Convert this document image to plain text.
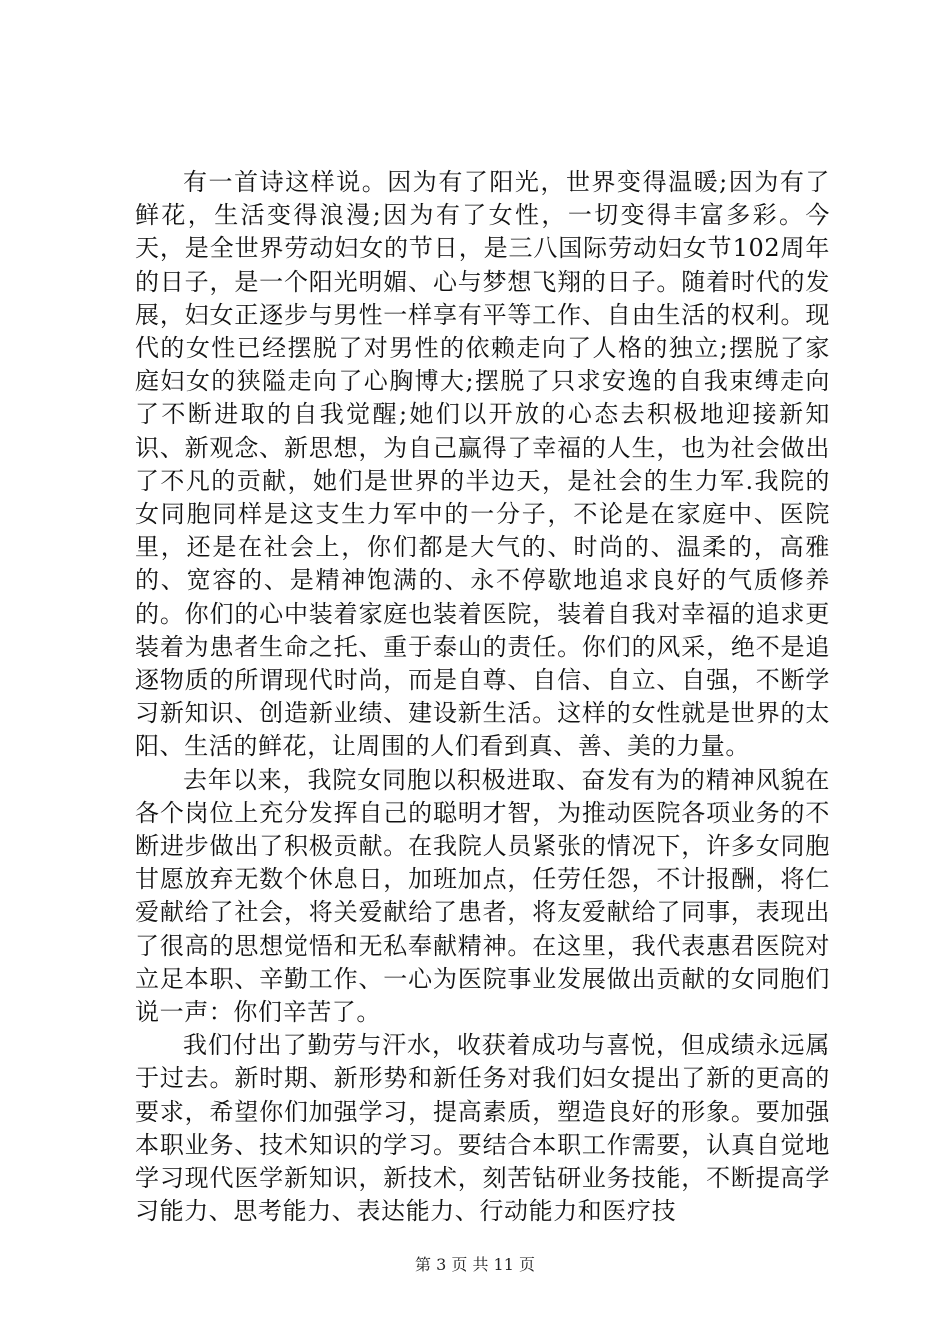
有一首诗这样说。因为有了阳光，世界变得温暖;因为有了鲜花，生活变得浪漫;因为有了女性，一切变得丰富多彩。今天，是全世界劳动妇女的节日，是三八国际劳动妇女节102周年的日子，是一个阳光明媚、心与梦想飞翔的日子。随着时代的发展，妇女正逐步与男性一样享有平等工作、自由生活的权利。现代的女性已经摆脱了对男性的依赖走向了人格的独立;摆脱了家庭妇女的狭隘走向了心胸博大;摆脱了只求安逸的自我束缚走向了不断进取的自我觉醒;她们以开放的心态去积极地迎接新知识、新观念、新思想，为自己赢得了幸福的人生，也为社会做出了不凡的贡献，她们是世界的半边天，是社会的生力军.我院的女同胞同样是这支生力军中的一分子，不论是在家庭中、医院里，还是在社会上，你们都是大气的、时尚的、温柔的，高雅的、宽容的、是精神饱满的、永不停歇地追求良好的气质修养的。你们的心中装着家庭也装着医院，装着自我对幸福的追求更装着为患者生命之托、重于泰山的责任。你们的风采，绝不是追逐物质的所谓现代时尚，而是自尊、自信、自立、自强，不断学习新知识、创造新业绩、建设新生活。这样的女性就是世界的太阳、生活的鲜花，让周围的人们看到真、善、美的力量。

去年以来，我院女同胞以积极进取、奋发有为的精神风貌在各个岗位上充分发挥自己的聪明才智，为推动医院各项业务的不断进步做出了积极贡献。在我院人员紧张的情况下，许多女同胞甘愿放弃无数个休息日，加班加点，任劳任怨，不计报酬，将仁爱献给了社会，将关爱献给了患者，将友爱献给了同事，表现出了很高的思想觉悟和无私奉献精神。在这里，我代表惠君医院对立足本职、辛勤工作、一心为医院事业发展做出贡献的女同胞们说一声：你们辛苦了。

我们付出了勤劳与汗水，收获着成功与喜悦，但成绩永远属于过去。新时期、新形势和新任务对我们妇女提出了新的更高的要求，希望你们加强学习，提高素质，塑造良好的形象。要加强本职业务、技术知识的学习。要结合本职工作需要，认真自觉地学习现代医学新知识，新技术，刻苦钻研业务技能，不断提高学习能力、思考能力、表达能力、行动能力和医疗技

第 3 页 共 11 页
